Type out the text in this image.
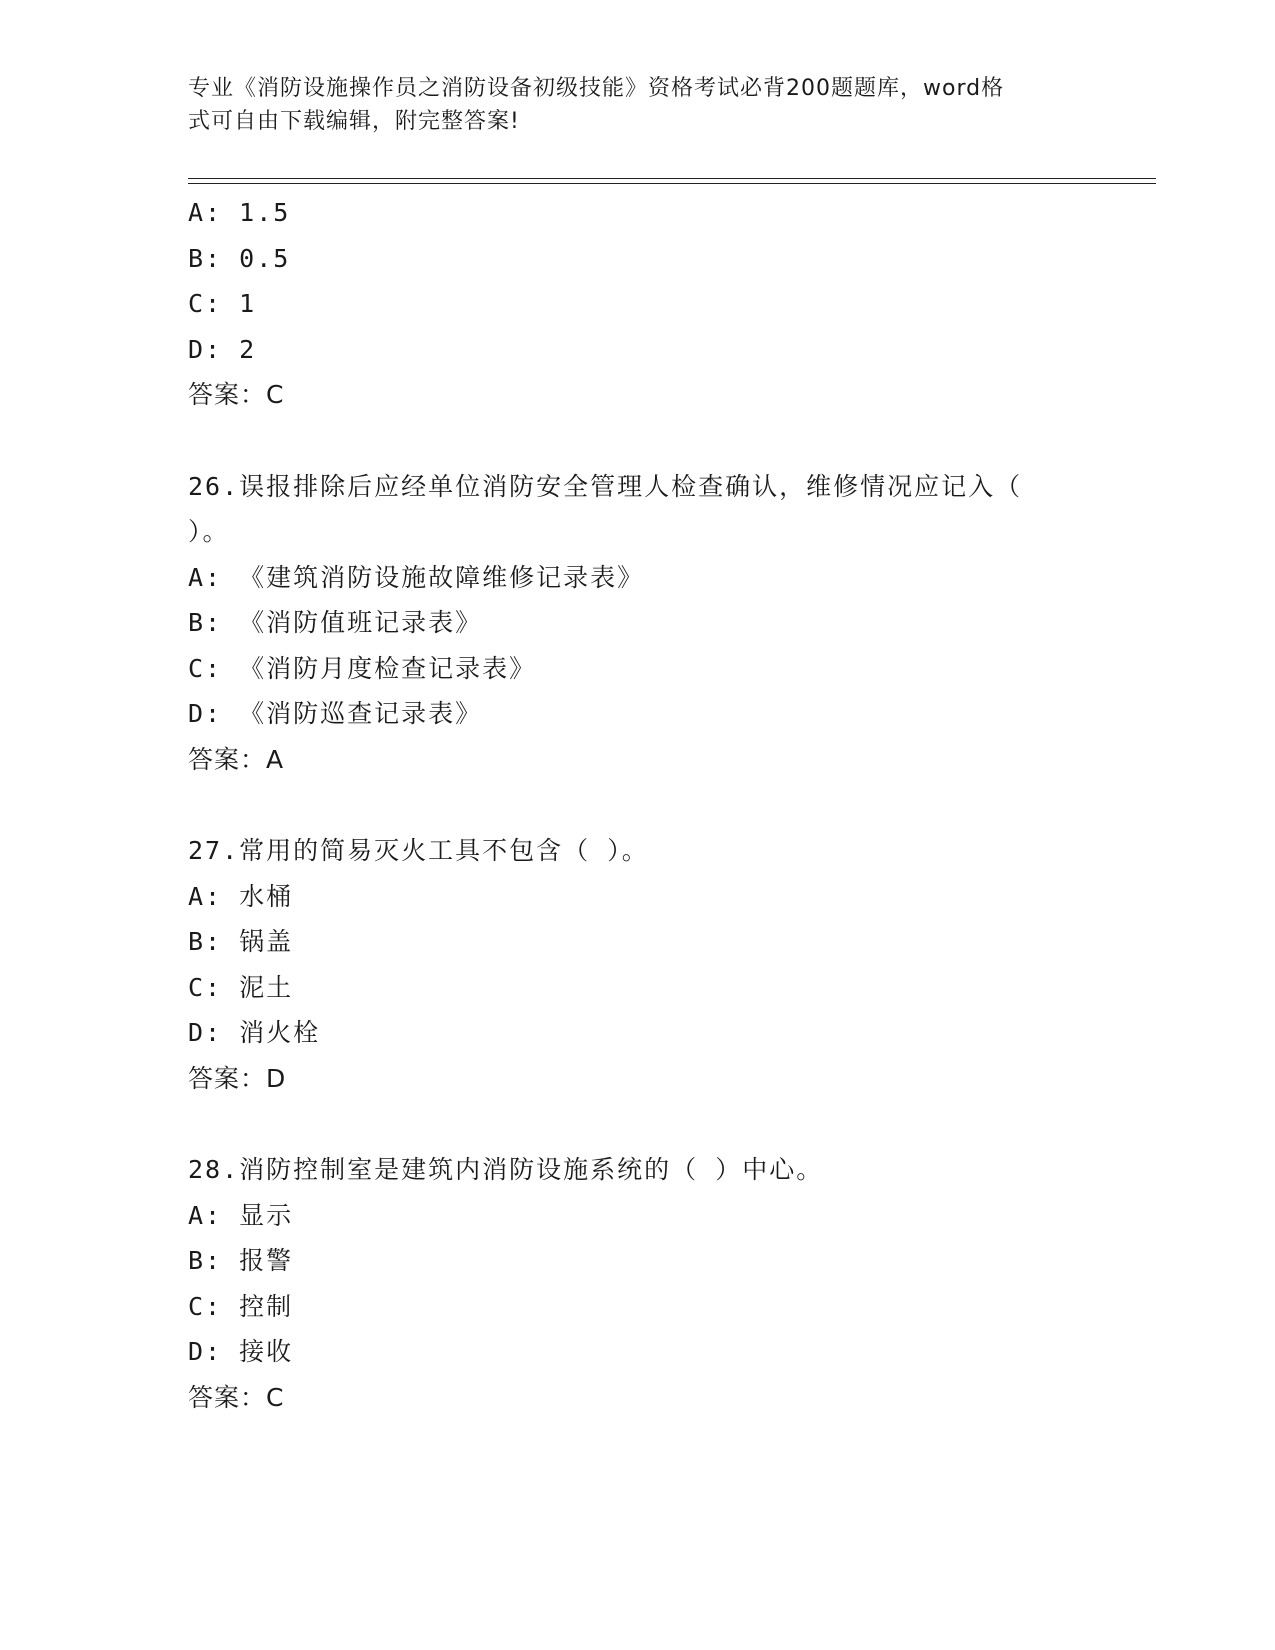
专业《消防设施操作员之消防设备初级技能》资格考试必背200题题库，word格
式可自由下载编辑，附完整答案!
A: 1.5
B: 0.5
C: 1
D: 2
答案：C
26.误报排除后应经单位消防安全管理人检查确认，维修情况应记入（
）。
A: 《建筑消防设施故障维修记录表》
B: 《消防值班记录表》
C: 《消防月度检查记录表》
D: 《消防巡查记录表》
答案：A
27.常用的简易灭火工具不包含（ ）。
A: 水桶
B: 锅盖
C: 泥土
D: 消火栓
答案：D
28.消防控制室是建筑内消防设施系统的（ ）中心。
A: 显示
B: 报警
C: 控制
D: 接收
答案：C
